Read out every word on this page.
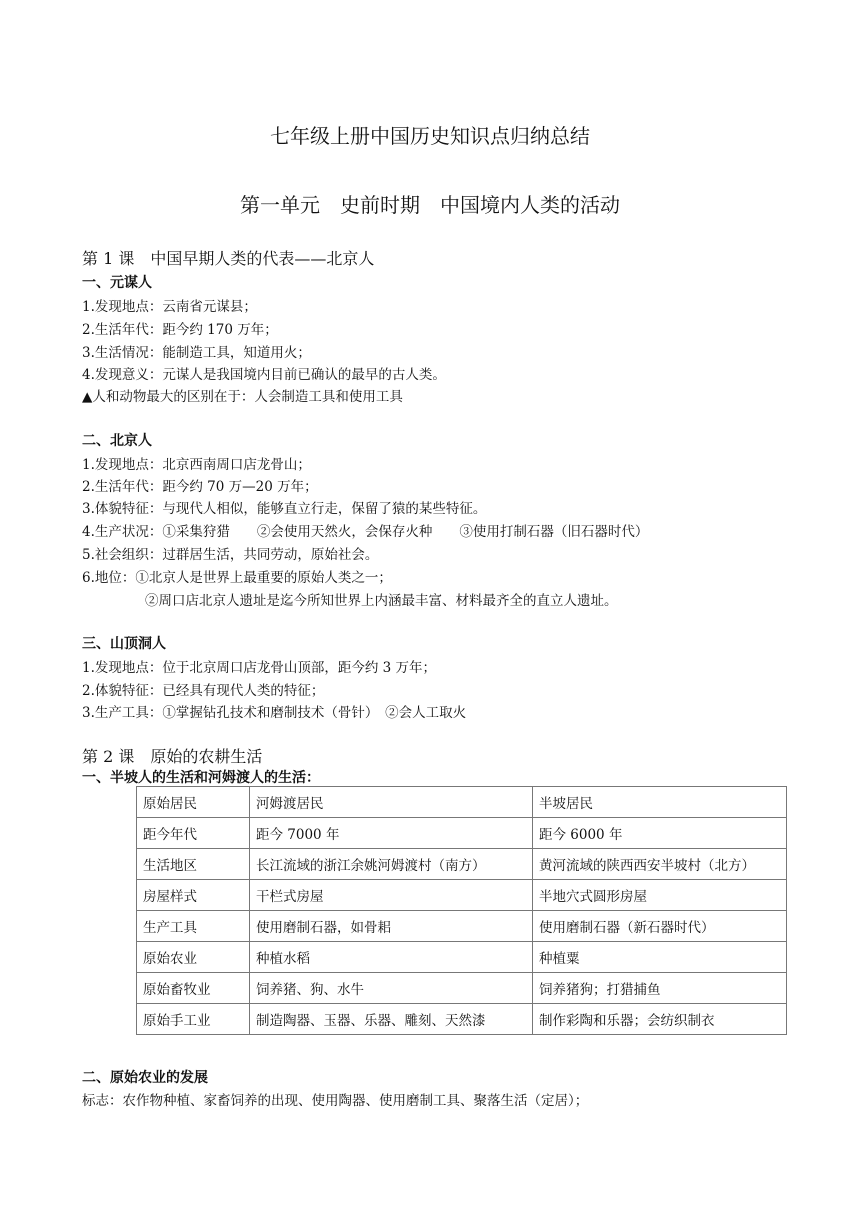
七年级上册中国历史知识点归纳总结
第一单元　史前时期　中国境内人类的活动
第 1 课　中国早期人类的代表——北京人
一、元谋人
1.发现地点：云南省元谋县；
2.生活年代：距今约 170 万年；
3.生活情况：能制造工具，知道用火；
4.发现意义：元谋人是我国境内目前已确认的最早的古人类。
▲人和动物最大的区别在于：人会制造工具和使用工具
二、北京人
1.发现地点：北京西南周口店龙骨山；
2.生活年代：距今约 70 万—20 万年；
3.体貌特征：与现代人相似，能够直立行走，保留了猿的某些特征。
4.生产状况：①采集狩猎　　②会使用天然火，会保存火种　　③使用打制石器（旧石器时代）
5.社会组织：过群居生活，共同劳动，原始社会。
6.地位：①北京人是世界上最重要的原始人类之一；
②周口店北京人遗址是迄今所知世界上内涵最丰富、材料最齐全的直立人遗址。
三、山顶洞人
1.发现地点：位于北京周口店龙骨山顶部，距今约 3 万年；
2.体貌特征：已经具有现代人类的特征；
3.生产工具：①掌握钻孔技术和磨制技术（骨针）　②会人工取火
第 2 课　原始的农耕生活
一、半坡人的生活和河姆渡人的生活：
原始居民	河姆渡居民	半坡居民
距今年代	距今 7000 年	距今 6000 年
生活地区	长江流域的浙江余姚河姆渡村（南方）	黄河流域的陕西西安半坡村（北方）
房屋样式	干栏式房屋	半地穴式圆形房屋
生产工具	使用磨制石器，如骨耜	使用磨制石器（新石器时代）
原始农业	种植水稻	种植粟
原始畜牧业	饲养猪、狗、水牛	饲养猪狗；打猎捕鱼
原始手工业	制造陶器、玉器、乐器、雕刻、天然漆	制作彩陶和乐器；会纺织制衣
二、原始农业的发展
标志：农作物种植、家畜饲养的出现、使用陶器、使用磨制工具、聚落生活（定居）；
